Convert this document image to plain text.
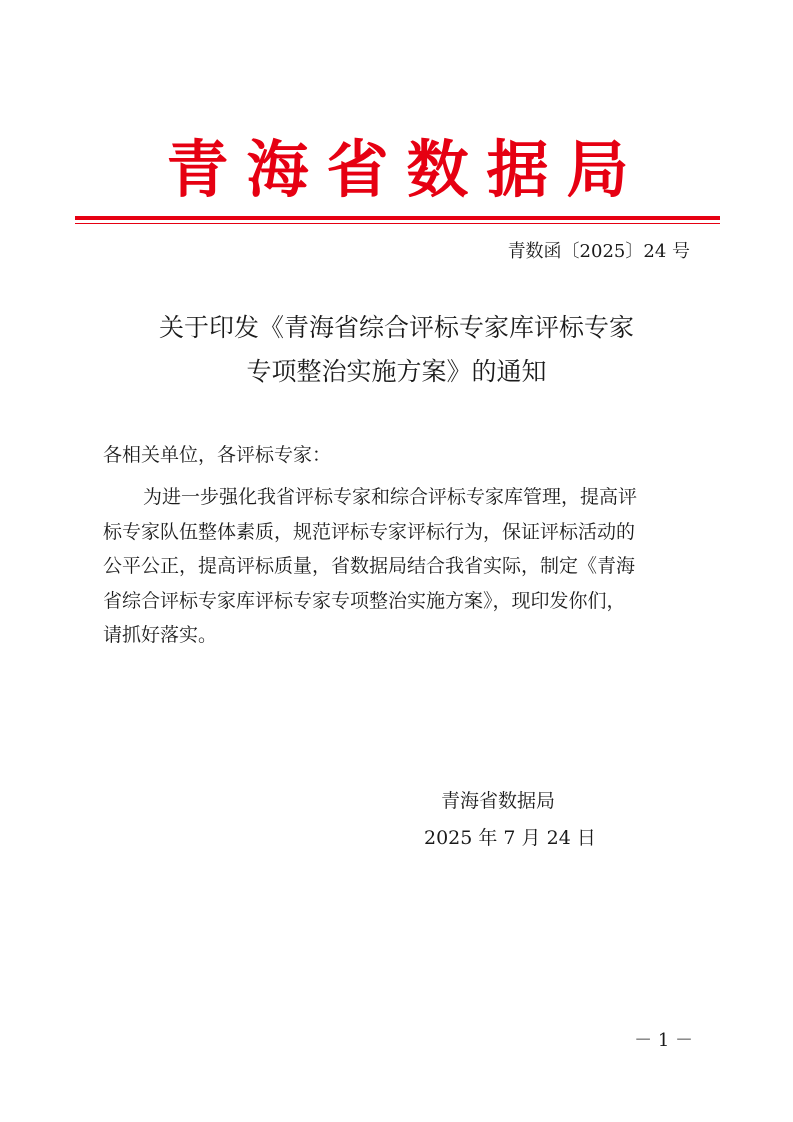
青海省数据局
青数函〔2025〕24 号
关于印发《青海省综合评标专家库评标专家
专项整治实施方案》的通知
各相关单位，各评标专家：
为进一步强化我省评标专家和综合评标专家库管理，提高评
标专家队伍整体素质，规范评标专家评标行为，保证评标活动的
公平公正，提高评标质量，省数据局结合我省实际，制定《青海
省综合评标专家库评标专家专项整治实施方案》，现印发你们，
请抓好落实。
青海省数据局
2025 年 7 月 24 日
－ 1 －
